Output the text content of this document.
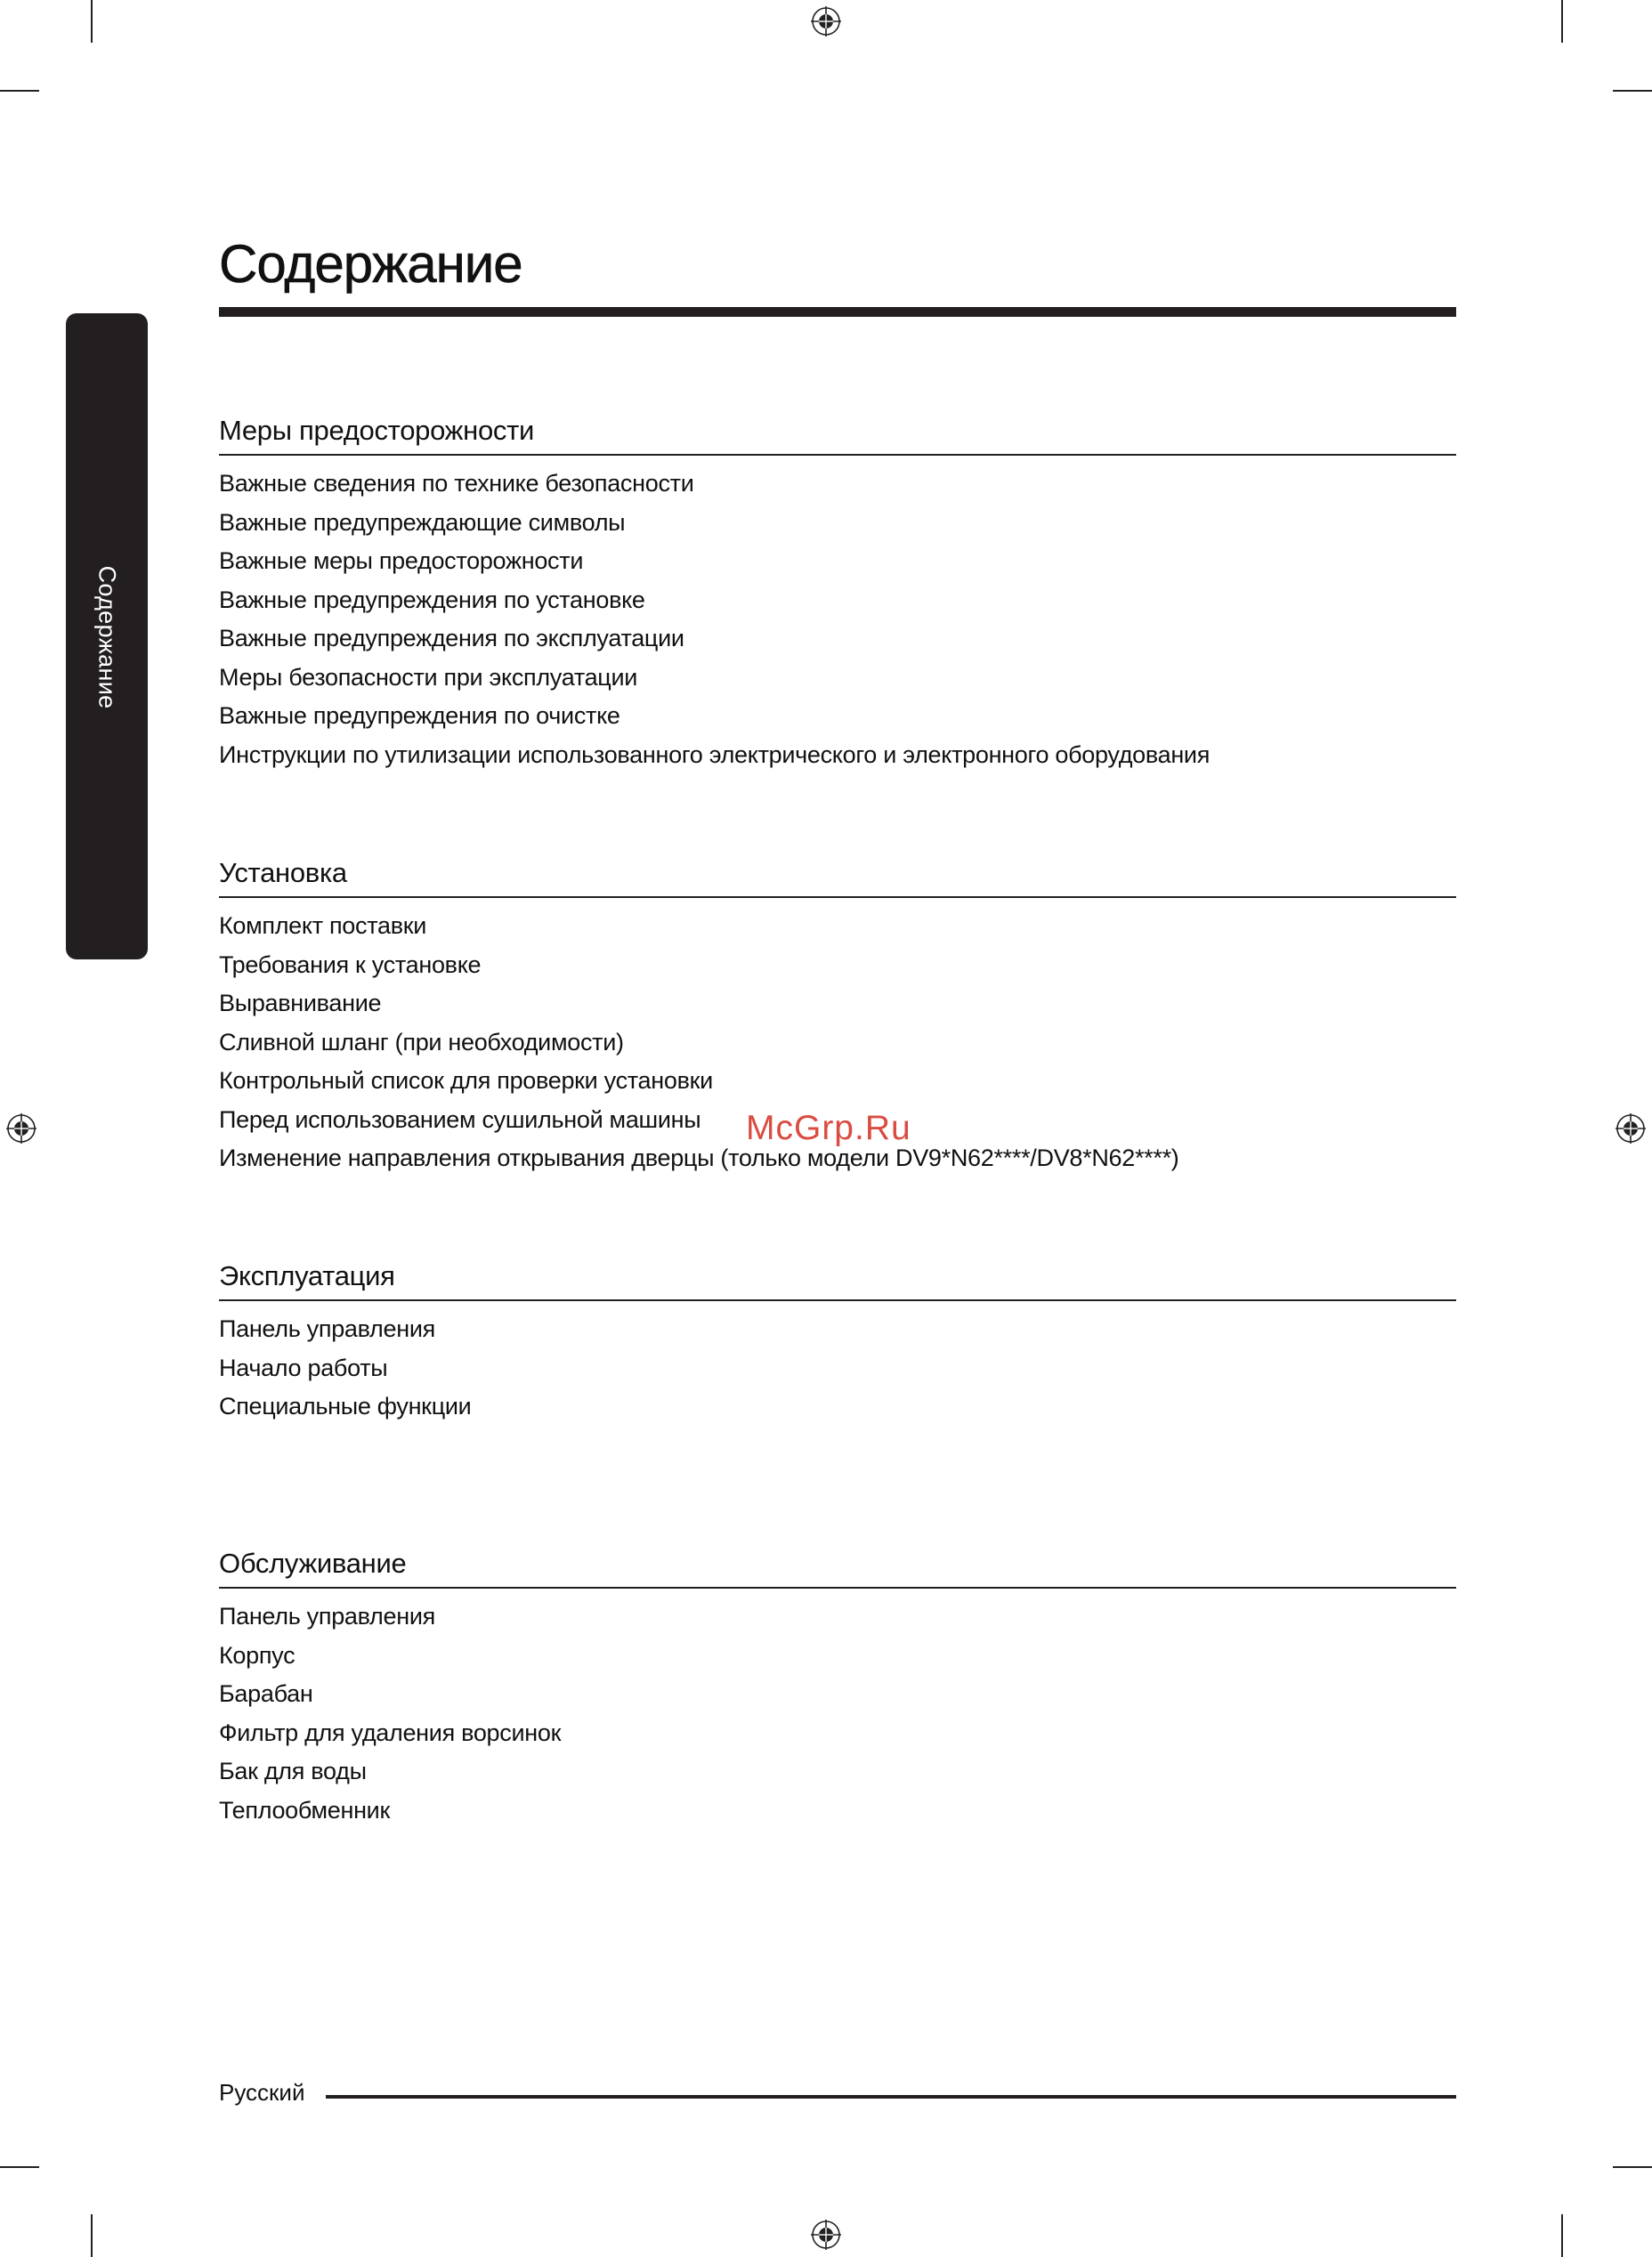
Содержание
Содержание
Меры предосторожности
Важные сведения по технике безопасности
Важные предупреждающие символы
Важные меры предосторожности
Важные предупреждения по установке
Важные предупреждения по эксплуатации
Меры безопасности при эксплуатации
Важные предупреждения по очистке
Инструкции по утилизации использованного электрического и электронного оборудования
Установка
Комплект поставки
Требования к установке
Выравнивание
Сливной шланг (при необходимости)
Контрольный список для проверки установки
Перед использованием сушильной машины
Изменение направления открывания дверцы (только модели DV9*N62****/DV8*N62****)
Эксплуатация
Панель управления
Начало работы
Специальные функции
Обслуживание
Панель управления
Корпус
Барабан
Фильтр для удаления ворсинок
Бак для воды
Теплообменник
McGrp.Ru
Русский
